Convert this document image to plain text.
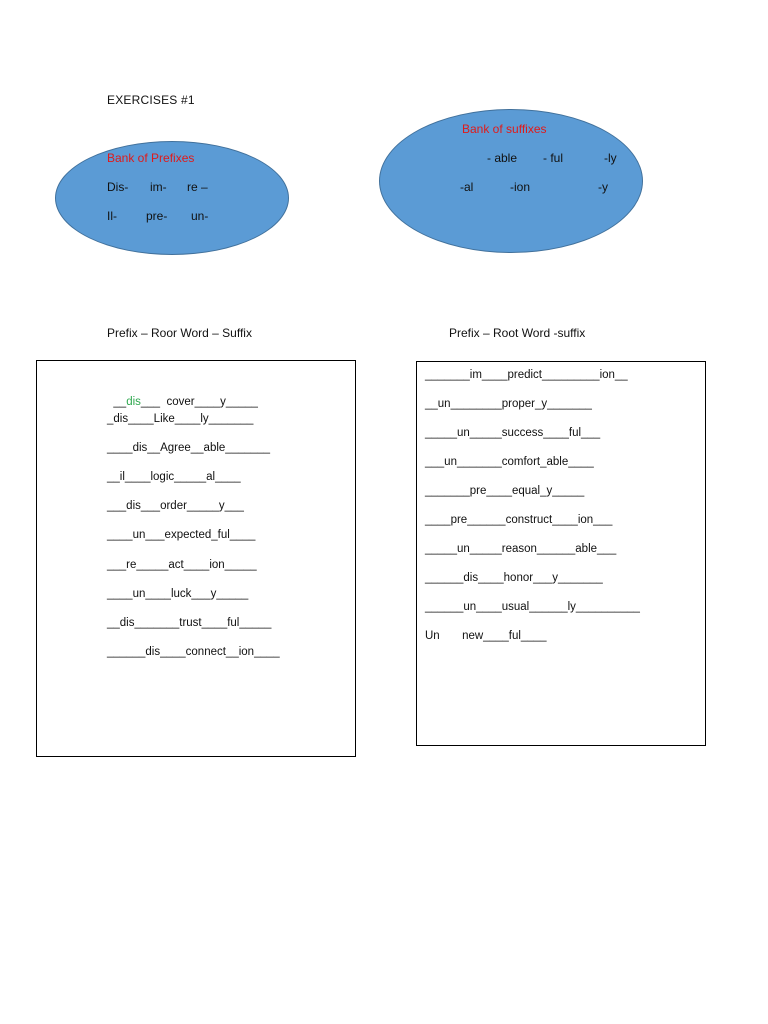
EXERCISES #1
Bank of Prefixes
Dis- im- re –
Il- pre- un-
Bank of suffixes
- able - ful	-ly
-al	-ion	-y
Prefix – Roor Word – Suffix	Prefix – Root Word -suffix

__dis___  cover____y_____

_dis____Like____ly_______
____dis__Agree__able_______
__il____logic_____al____
___dis___order_____y___
____un___expected_ful____
___re_____act____ion_____
____un____luck___y_____
__dis_______trust____ful_____
______dis____connect__ion____
_______im____predict_________ion__
__un________proper_y_______
_____un_____success____ful___
___un_______comfort_able____
_______pre____equal_y_____
____pre______construct____ion___
_____un_____reason______able___
______dis____honor___y_______
______un____usual______ly__________
Un       new____ful____
